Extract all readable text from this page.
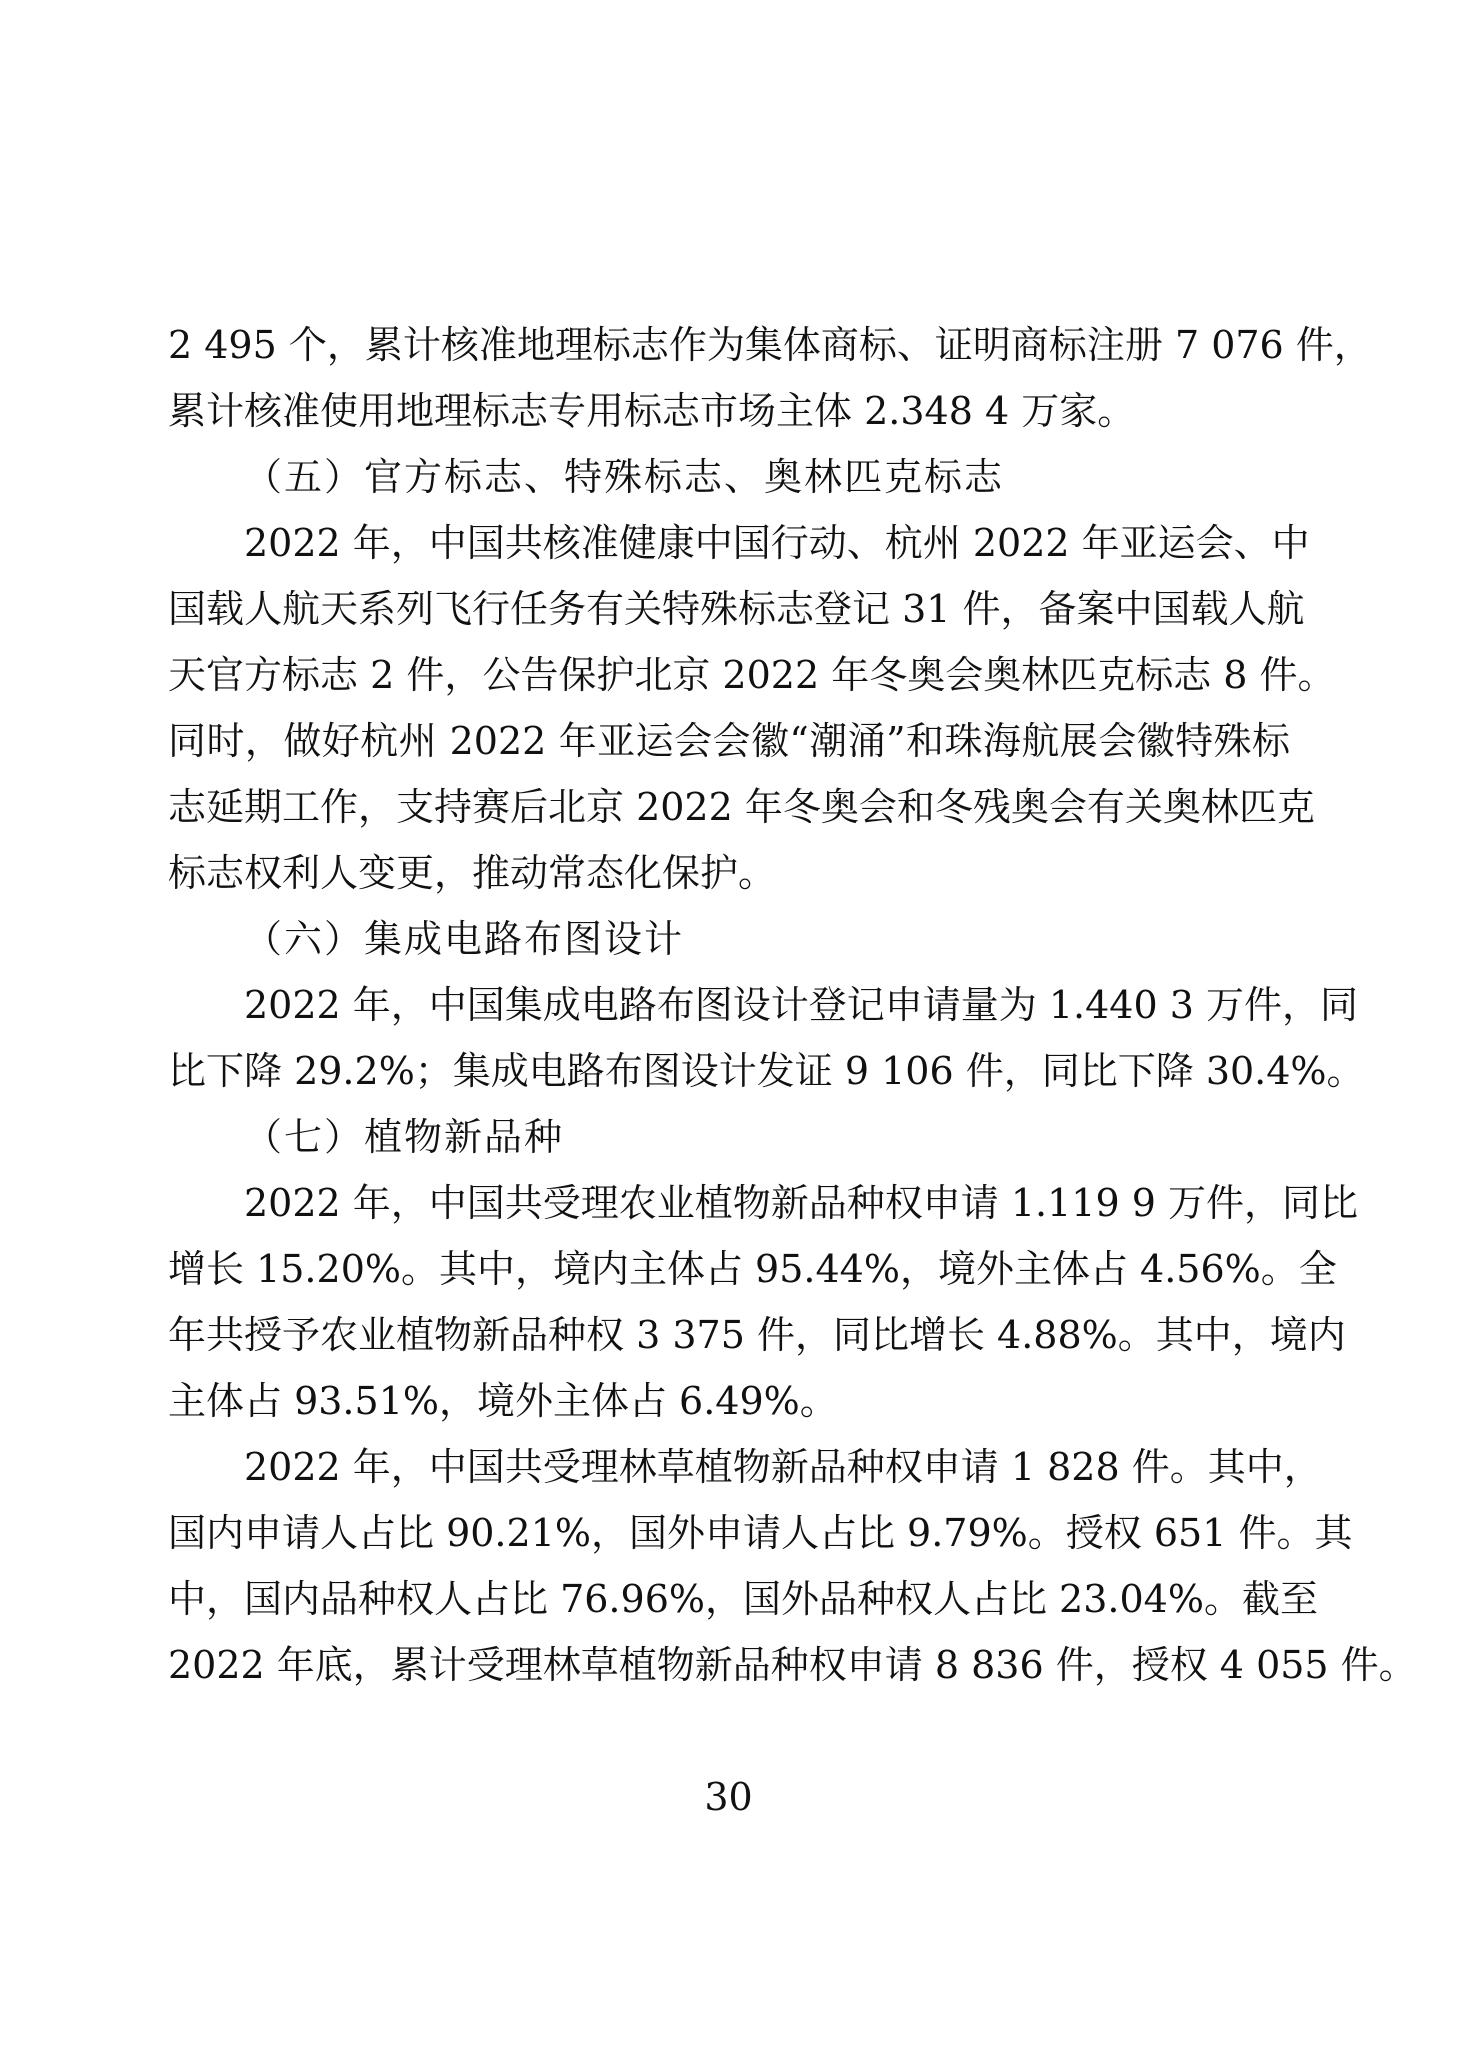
2 495 个，累计核准地理标志作为集体商标、证明商标注册 7 076 件，
累计核准使用地理标志专用标志市场主体 2.348 4 万家。
（五）官方标志、特殊标志、奥林匹克标志
2022 年，中国共核准健康中国行动、杭州 2022 年亚运会、中
国载人航天系列飞行任务有关特殊标志登记 31 件，备案中国载人航
天官方标志 2 件，公告保护北京 2022 年冬奥会奥林匹克标志 8 件。
同时，做好杭州 2022 年亚运会会徽“潮涌”和珠海航展会徽特殊标
志延期工作，支持赛后北京 2022 年冬奥会和冬残奥会有关奥林匹克
标志权利人变更，推动常态化保护。
（六）集成电路布图设计
2022 年，中国集成电路布图设计登记申请量为 1.440 3 万件，同
比下降 29.2%；集成电路布图设计发证 9 106 件，同比下降 30.4%。
（七）植物新品种
2022 年，中国共受理农业植物新品种权申请 1.119 9 万件，同比
增长 15.20%。其中，境内主体占 95.44%，境外主体占 4.56%。全
年共授予农业植物新品种权 3 375 件，同比增长 4.88%。其中，境内
主体占 93.51%，境外主体占 6.49%。
2022 年，中国共受理林草植物新品种权申请 1 828 件。其中，
国内申请人占比 90.21%，国外申请人占比 9.79%。授权 651 件。其
中，国内品种权人占比 76.96%，国外品种权人占比 23.04%。截至
2022 年底，累计受理林草植物新品种权申请 8 836 件，授权 4 055 件。
30
